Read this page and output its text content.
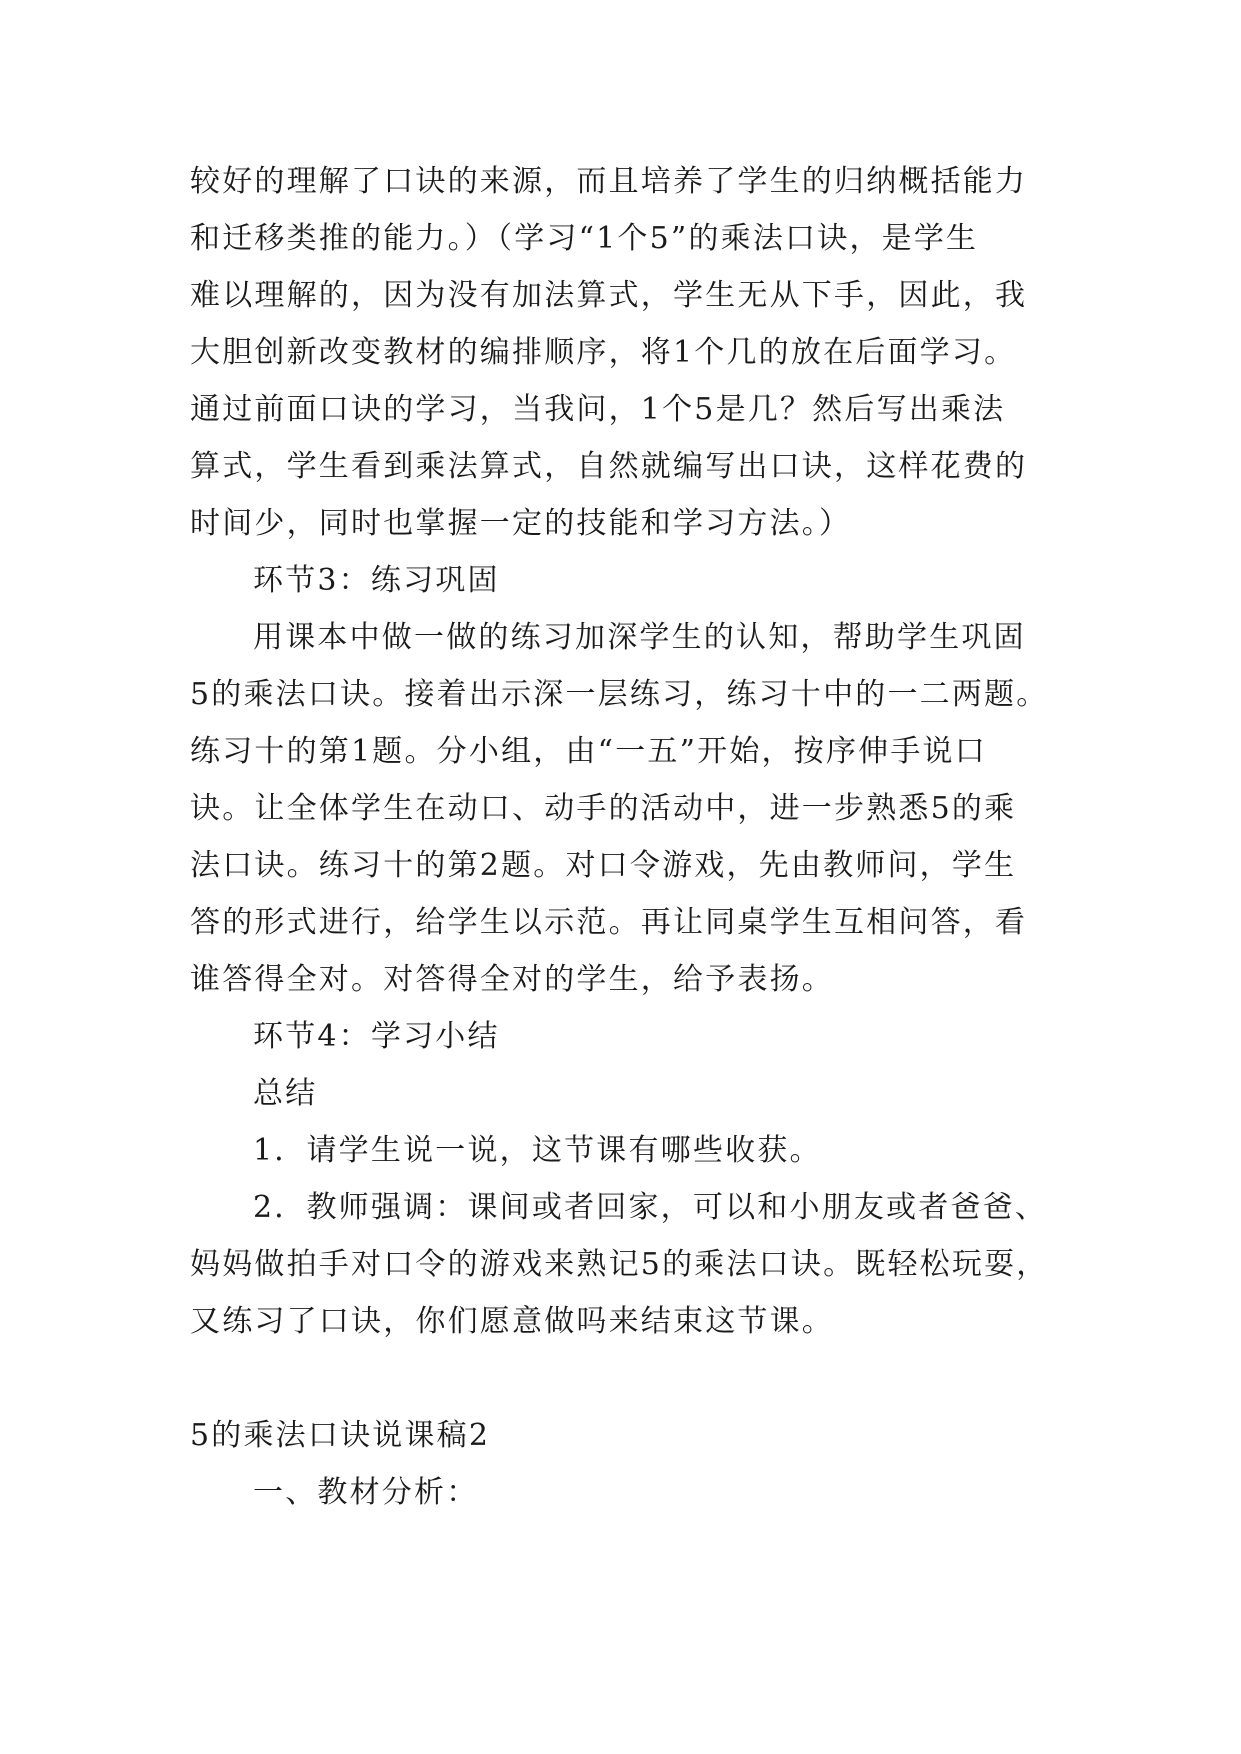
较好的理解了口诀的来源，而且培养了学生的归纳概括能力
和迁移类推的能力。）（学习“1个5”的乘法口诀，是学生
难以理解的，因为没有加法算式，学生无从下手，因此，我
大胆创新改变教材的编排顺序，将1个几的放在后面学习。
通过前面口诀的学习，当我问，1个5是几？然后写出乘法
算式，学生看到乘法算式，自然就编写出口诀，这样花费的
时间少，同时也掌握一定的技能和学习方法。）
环节3：练习巩固
用课本中做一做的练习加深学生的认知，帮助学生巩固
5的乘法口诀。接着出示深一层练习，练习十中的一二两题。
练习十的第1题。分小组，由“一五”开始，按序伸手说口
诀。让全体学生在动口、动手的活动中，进一步熟悉5的乘
法口诀。练习十的第2题。对口令游戏，先由教师问，学生
答的形式进行，给学生以示范。再让同桌学生互相问答，看
谁答得全对。对答得全对的学生，给予表扬。
环节4：学习小结
总结
1．请学生说一说，这节课有哪些收获。
2．教师强调：课间或者回家，可以和小朋友或者爸爸、
妈妈做拍手对口令的游戏来熟记5的乘法口诀。既轻松玩耍，
又练习了口诀，你们愿意做吗来结束这节课。
5的乘法口诀说课稿2
一、教材分析：
